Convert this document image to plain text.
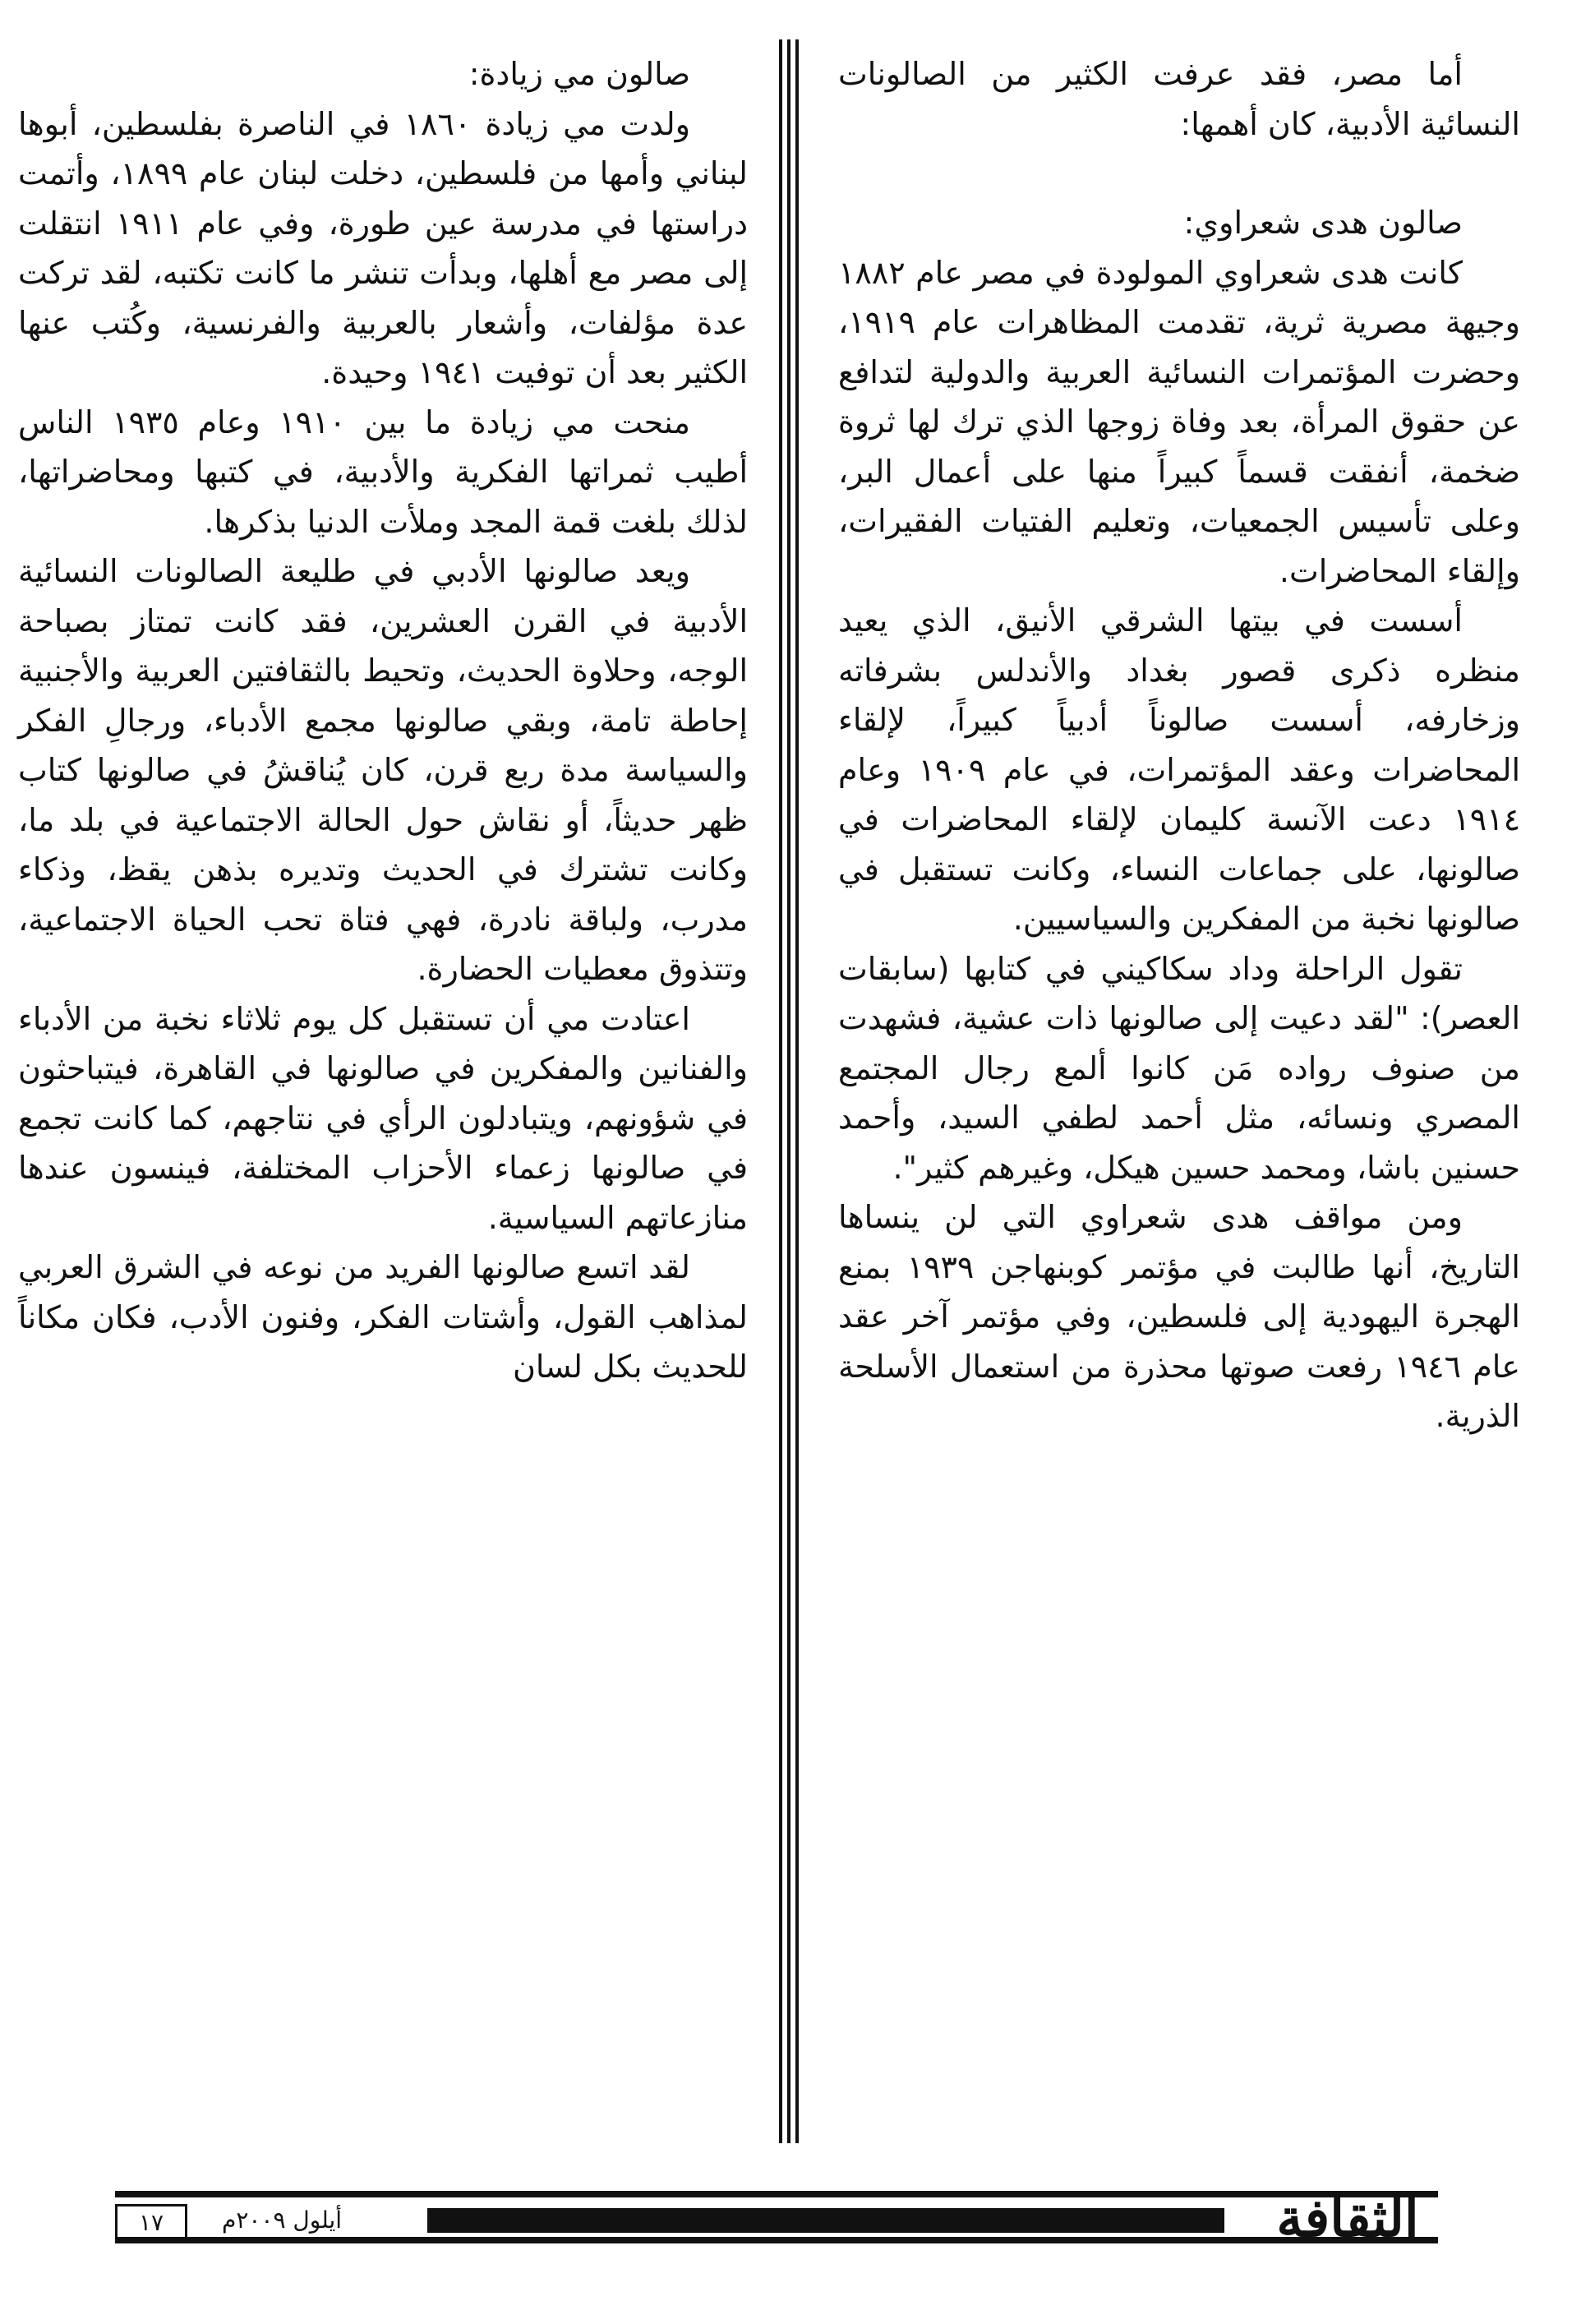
أما مصر، فقد عرفت الكثير من الصالونات النسائية الأدبية، كان أهمها:

صالون هدى شعراوي:

كانت هدى شعراوي المولودة في مصر عام ١٨٨٢ وجيهة مصرية ثرية، تقدمت المظاهرات عام ١٩١٩، وحضرت المؤتمرات النسائية العربية والدولية لتدافع عن حقوق المرأة، بعد وفاة زوجها الذي ترك لها ثروة ضخمة، أنفقت قسماً كبيراً منها على أعمال البر، وعلى تأسيس الجمعيات، وتعليم الفتيات الفقيرات، وإلقاء المحاضرات.

أسست في بيتها الشرقي الأنيق، الذي يعيد منظره ذكرى قصور بغداد والأندلس بشرفاته وزخارفه، أسست صالوناً أدبياً كبيراً، لإلقاء المحاضرات وعقد المؤتمرات، في عام ١٩٠٩ وعام ١٩١٤ دعت الآنسة كليمان لإلقاء المحاضرات في صالونها، على جماعات النساء، وكانت تستقبل في صالونها نخبة من المفكرين والسياسيين.

تقول الراحلة وداد سكاكيني في كتابها (سابقات العصر): "لقد دعيت إلى صالونها ذات عشية، فشهدت من صنوف رواده مَن كانوا ألمع رجال المجتمع المصري ونسائه، مثل أحمد لطفي السيد، وأحمد حسنين باشا، ومحمد حسين هيكل، وغيرهم كثير".

ومن مواقف هدى شعراوي التي لن ينساها التاريخ، أنها طالبت في مؤتمر كوبنهاجن ١٩٣٩ بمنع الهجرة اليهودية إلى فلسطين، وفي مؤتمر آخر عقد عام ١٩٤٦ رفعت صوتها محذرة من استعمال الأسلحة الذرية.

صالون مي زيادة:

ولدت مي زيادة ١٨٦٠ في الناصرة بفلسطين، أبوها لبناني وأمها من فلسطين، دخلت لبنان عام ١٨٩٩، وأتمت دراستها في مدرسة عين طورة، وفي عام ١٩١١ انتقلت إلى مصر مع أهلها، وبدأت تنشر ما كانت تكتبه، لقد تركت عدة مؤلفات، وأشعار بالعربية والفرنسية، وكُتب عنها الكثير بعد أن توفيت ١٩٤١ وحيدة.

منحت مي زيادة ما بين ١٩١٠ وعام ١٩٣٥ الناس أطيب ثمراتها الفكرية والأدبية، في كتبها ومحاضراتها، لذلك بلغت قمة المجد وملأت الدنيا بذكرها.

ويعد صالونها الأدبي في طليعة الصالونات النسائية الأدبية في القرن العشرين، فقد كانت تمتاز بصباحة الوجه، وحلاوة الحديث، وتحيط بالثقافتين العربية والأجنبية إحاطة تامة، وبقي صالونها مجمع الأدباء، ورجالِ الفكر والسياسة مدة ربع قرن، كان يُناقشُ في صالونها كتاب ظهر حديثاً، أو نقاش حول الحالة الاجتماعية في بلد ما، وكانت تشترك في الحديث وتديره بذهن يقظ، وذكاء مدرب، ولباقة نادرة، فهي فتاة تحب الحياة الاجتماعية، وتتذوق معطيات الحضارة.

اعتادت مي أن تستقبل كل يوم ثلاثاء نخبة من الأدباء والفنانين والمفكرين في صالونها في القاهرة، فيتباحثون في شؤونهم، ويتبادلون الرأي في نتاجهم، كما كانت تجمع في صالونها زعماء الأحزاب المختلفة، فينسون عندها منازعاتهم السياسية.

لقد اتسع صالونها الفريد من نوعه في الشرق العربي لمذاهب القول، وأشتات الفكر، وفنون الأدب، فكان مكاناً للحديث بكل لسان

١٧	أيلول ٢٠٠٩م	الثقافة
